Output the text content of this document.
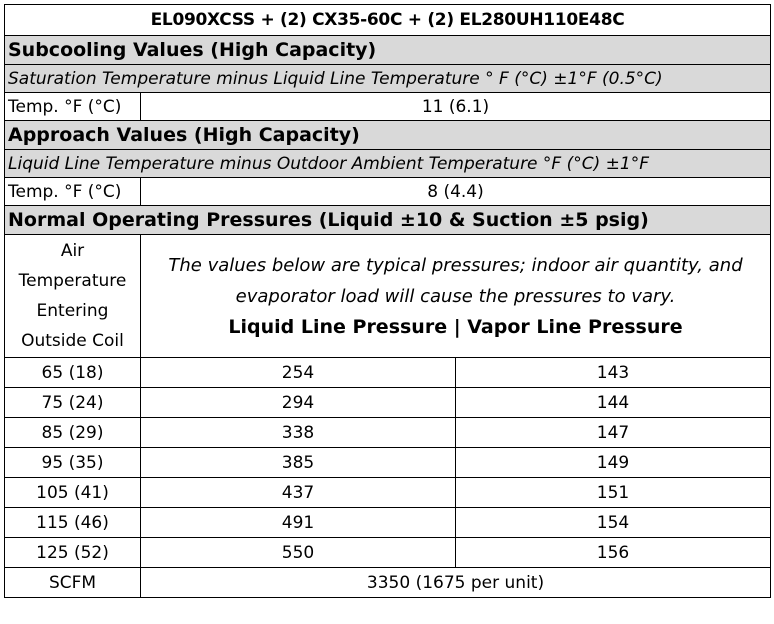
EL090XCSS + (2) CX35-60C + (2) EL280UH110E48C		
Subcooling Values (High Capacity)		
Saturation Temperature minus Liquid Line Temperature ° F (°C) ±1°F (0.5°C)		
Temp. °F (°C)	11 (6.1)	
Approach Values (High Capacity)		
Liquid Line Temperature minus Outdoor Ambient Temperature °F (°C) ±1°F		
Temp. °F (°C)	8 (4.4)	
Normal Operating Pressures (Liquid ±10 & Suction ±5 psig)		

Air
Temperature
Entering
Outside Coil	The values below are typical pressures; indoor air quantity, and
evaporator load will cause the pressures to vary.
Liquid Line Pressure | Vapor Line Pressure	

65 (18)	254	143
75 (24)	294	144
85 (29)	338	147
95 (35)	385	149
105 (41)	437	151
115 (46)	491	154
125 (52)	550	156
SCFM	3350 (1675 per unit)	
